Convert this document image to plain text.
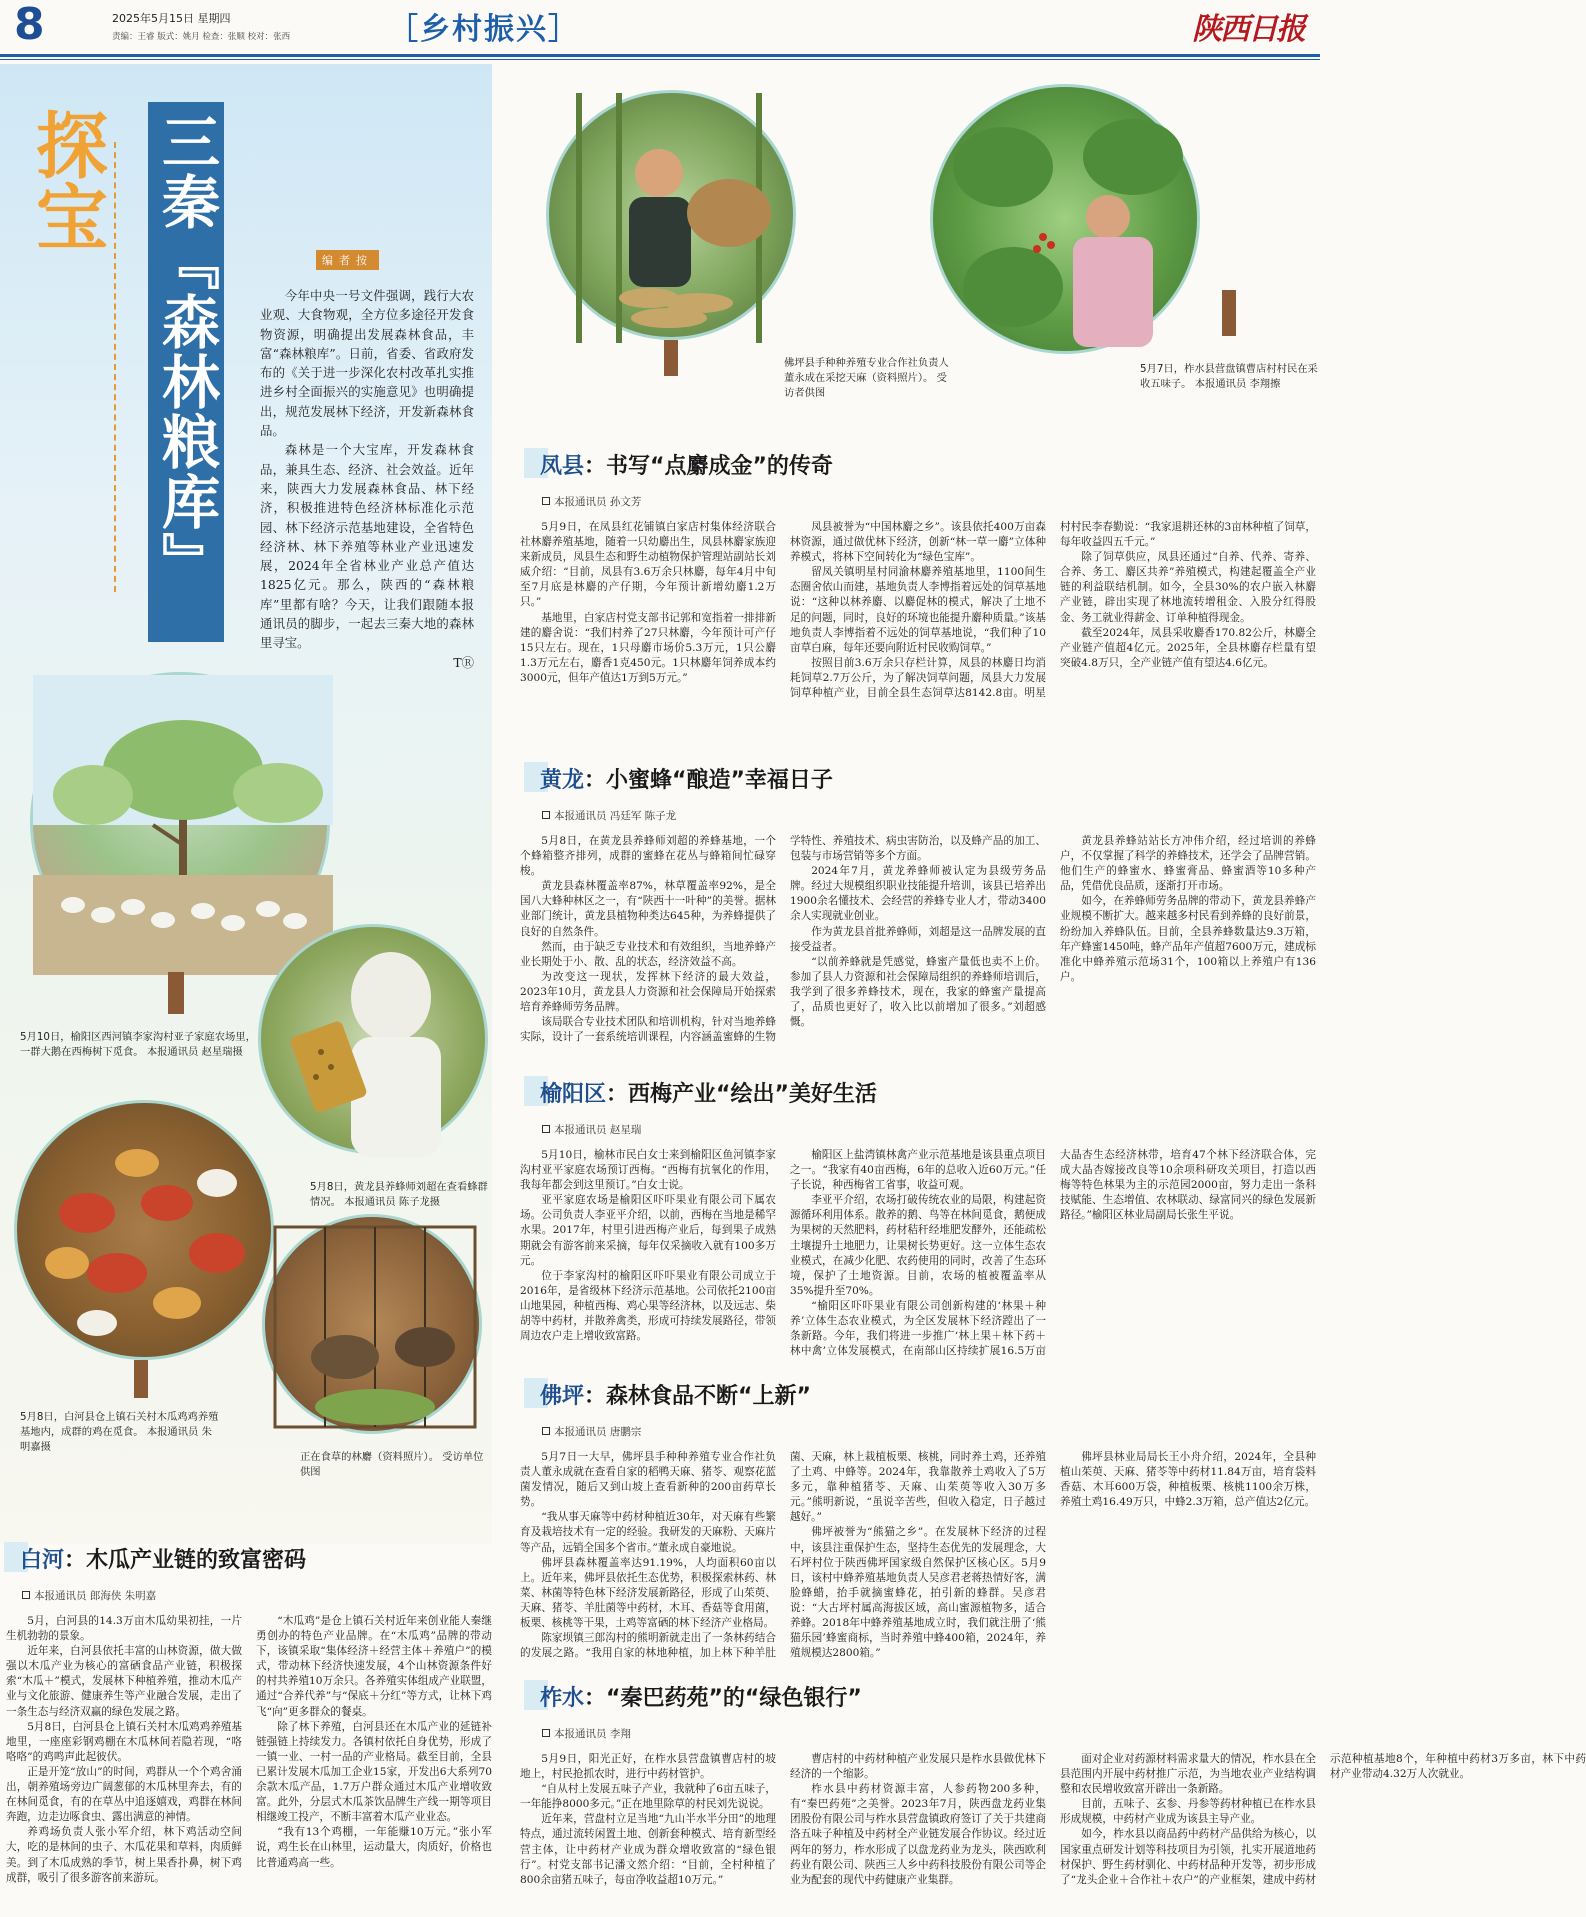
8	2025年5月15日 星期四
责编：王睿 版式：姚月 检查：张顺 校对：张西	［乡村振兴］	陕西日报
探宝 三秦『森林粮库』	编者按

今年中央一号文件强调，践行大农业观、大食物观，全方位多途径开发食物资源，明确提出发展森林食品，丰富“森林粮库”。日前，省委、省政府发布的《关于进一步深化农村改革扎实推进乡村全面振兴的实施意见》也明确提出，规范发展林下经济，开发新森林食品。

森林是一个大宝库，开发森林食品，兼具生态、经济、社会效益。近年来，陕西大力发展森林食品、林下经济，积极推进特色经济林标准化示范园、林下经济示范基地建设，全省特色经济林、林下养殖等林业产业迅速发展，2024年全省林业产业总产值达1825亿元。那么，陕西的“森林粮库”里都有啥？今天，让我们跟随本报通讯员的脚步，一起去三秦大地的森林里寻宝。

TⓇ

5月10日，榆阳区西河镇李家沟村亚子家庭农场里，一群大鹅在西梅树下觅食。 本报通讯员 赵星瑞摄
5月8日，黄龙县养蜂师刘超在查看蜂群情况。 本报通讯员 陈子龙摄
5月8日，白河县仓上镇石关村木瓜鸡鸡养殖基地内，成群的鸡在觅食。 本报通讯员 朱明嘉摄
正在食草的林麝（资料照片）。 受访单位供图
佛坪县手种种养殖专业合作社负责人董永成在采挖天麻（资料照片）。 受访者供图
5月7日，柞水县营盘镇曹店村村民在采收五味子。 本报通讯员 李翔擦
凤县：书写“点麝成金”的传奇
本报通讯员 孙文芳

5月9日，在凤县红花铺镇白家店村集体经济联合社林麝养殖基地，随着一只幼麝出生，凤县林麝家族迎来新成员，凤县生态和野生动植物保护管理站副站长刘威介绍：“目前，凤县有3.6万余只林麝，每年4月中旬至7月底是林麝的产仔期，今年预计新增幼麝1.2万只。”

基地里，白家店村党支部书记郭和宽指着一排排新建的麝舍说：“我们村养了27只林麝，今年预计可产仔15只左右。现在，1只母麝市场价5.3万元，1只公麝1.3万元左右，麝香1克450元。1只林麝年饲养成本约3000元，但年产值达1万到5万元。”

凤县被誉为“中国林麝之乡”。该县依托400万亩森林资源，通过做优林下经济，创新“林一草一麝”立体种养模式，将林下空间转化为“绿色宝库”。

留凤关镇明星村同渝林麝养殖基地里，1100间生态圈舍依山而建，基地负责人李博指着远处的饲草基地说：“这种以林养麝、以麝促林的模式，解决了土地不足的问题，同时，良好的环境也能提升麝种质量。”该基地负责人李博指着不远处的饲草基地说，“我们种了10亩草白麻，每年还要向附近村民收购饲草。”

按照目前3.6万余只存栏计算，凤县的林麝日均消耗饲草2.7万公斤，为了解决饲草问题，凤县大力发展饲草种植产业，目前全县生态饲草达8142.8亩。明星村村民李春勤说：“我家退耕还林的3亩林种植了饲草，每年收益四五千元。”

除了饲草供应，凤县还通过“自养、代养、寄养、合养、务工、麝区共养”养殖模式，构建起覆盖全产业链的利益联结机制。如今，全县30%的农户嵌入林麝产业链，辟出实现了林地流转增租金、入股分红得股金、务工就业得薪金、订单种植得现金。

截至2024年，凤县采收麝香170.82公斤，林麝全产业链产值超4亿元。2025年，全县林麝存栏量有望突破4.8万只，全产业链产值有望达4.6亿元。

黄龙：小蜜蜂“酿造”幸福日子
本报通讯员 冯廷军 陈子龙

5月8日，在黄龙县养蜂师刘超的养蜂基地，一个个蜂箱整齐排列，成群的蜜蜂在花丛与蜂箱间忙碌穿梭。

黄龙县森林覆盖率87%，林草覆盖率92%，是全国八大蜂种林区之一，有“陕西十一叶种”的美誉。据林业部门统计，黄龙县植物种类达645种，为养蜂提供了良好的自然条件。

然而，由于缺乏专业技术和有效组织，当地养蜂产业长期处于小、散、乱的状态，经济效益不高。

为改变这一现状，发挥林下经济的最大效益，2023年10月，黄龙县人力资源和社会保障局开始探索培育养蜂师劳务品牌。

该局联合专业技术团队和培训机构，针对当地养蜂实际，设计了一套系统培训课程，内容涵盖蜜蜂的生物学特性、养殖技术、病虫害防治，以及蜂产品的加工、包装与市场营销等多个方面。

2024年7月，黄龙养蜂师被认定为县级劳务品牌。经过大规模组织职业技能提升培训，该县已培养出1900余名懂技术、会经营的养蜂专业人才，带动3400余人实现就业创业。

作为黄龙县首批养蜂师，刘超是这一品牌发展的直接受益者。

“以前养蜂就是凭感觉，蜂蜜产量低也卖不上价。参加了县人力资源和社会保障局组织的养蜂师培训后，我学到了很多养蜂技术，现在，我家的蜂蜜产量提高了，品质也更好了，收入比以前增加了很多。”刘超感慨。

黄龙县养蜂站站长方冲伟介绍，经过培训的养蜂户，不仅掌握了科学的养蜂技术，还学会了品牌营销。他们生产的蜂蜜水、蜂蜜膏品、蜂蜜酒等10多种产品，凭借优良品质，逐渐打开市场。

如今，在养蜂师劳务品牌的带动下，黄龙县养蜂产业规模不断扩大。越来越多村民看到养蜂的良好前景，纷纷加入养蜂队伍。目前，全县养蜂数量达9.3万箱，年产蜂蜜1450吨，蜂产品年产值超7600万元，建成标准化中蜂养殖示范场31个，100箱以上养殖户有136户。

榆阳区：西梅产业“绘出”美好生活
本报通讯员 赵星瑞

5月10日，榆林市民白女士来到榆阳区鱼河镇李家沟村亚平家庭农场预订西梅。“西梅有抗氧化的作用，我每年都会到这里预订。”白女士说。

亚平家庭农场是榆阳区吓吓果业有限公司下属农场。公司负责人李亚平介绍，以前，西梅在当地是稀罕水果。2017年，村里引进西梅产业后，每到果子成熟期就会有游客前来采摘，每年仅采摘收入就有100多万元。

位于李家沟村的榆阳区吓吓果业有限公司成立于2016年，是省级林下经济示范基地。公司依托2100亩山地果园，种植西梅、鸡心果等经济林，以及远志、柴胡等中药材，并散养禽类，形成可持续发展路径，带领周边农户走上增收致富路。

榆阳区上盐湾镇林禽产业示范基地是该县重点项目之一。“我家有40亩西梅，6年的总收入近60万元。”任子长说，种西梅省工省事，收益可观。

李亚平介绍，农场打破传统农业的局限，构建起资源循环利用体系。散养的鹅、鸟等在林间觅食，鹅便成为果树的天然肥料，药材秸秆经堆肥发酵外，还能疏松土壤提升土地肥力，让果树长势更好。这一立体生态农业模式，在减少化肥、农药使用的同时，改善了生态环境，保护了土地资源。目前，农场的植被覆盖率从35%提升至70%。

“榆阳区吓吓果业有限公司创新构建的‘林果＋种养’立体生态农业模式，为全区发展林下经济蹚出了一条新路。今年，我们将进一步推广‘林上果＋林下药＋林中禽’立体发展模式，在南部山区持续扩展16.5万亩大晶杏生态经济林带，培育47个林下经济联合体，完成大晶杏嫁接改良等10余项科研攻关项目，打造以西梅等特色林果为主的示范园2000亩，努力走出一条科技赋能、生态增值、农林联动、绿富同兴的绿色发展新路径。”榆阳区林业局副局长张生平说。

佛坪：森林食品不断“上新”
本报通讯员 唐鹏宗

5月7日一大早，佛坪县手种种养殖专业合作社负责人董永成就在查看自家的稻鸭天麻、猪苓、观察花蓝菌发情况，随后又到山坡上查看新种的200亩药草长势。

“我从事天麻等中药材种植近30年，对天麻有些繁育及栽培技术有一定的经验。我研发的天麻粉、天麻片等产品，远销全国多个省市。”董永成自豪地说。

佛坪县森林覆盖率达91.19%，人均面积60亩以上。近年来，佛坪县依托生态优势，积极探索林药、林菜、林菌等特色林下经济发展新路径，形成了山茱萸、天麻、猪苓、羊肚菌等中药材，木耳、香菇等食用菌，板栗、核桃等干果，土鸡等富硒的林下经济产业格局。

陈家坝镇三郎沟村的熊明新就走出了一条林药结合的发展之路。“我用自家的林地种植，加上林下种羊肚菌、天麻，林上栽植板栗、核桃，同时养土鸡，还养殖了土鸡、中蜂等。2024年，我靠散养土鸡收入了5万多元，靠种植猪苓、天麻、山茱萸等收入30万多元。”熊明新说，“虽说辛苦些，但收入稳定，日子越过越好。”

佛坪被誉为“熊猫之乡”。在发展林下经济的过程中，该县注重保护生态，坚持生态优先的发展理念，大石坪村位于陕西佛坪国家级自然保护区核心区。5月9日，该村中蜂养殖基地负责人吴彦君老蒋热情好客，满脸蜂蜡，抬手就摘蜜蜂花，拍引新的蜂群。吴彦君说：“大古坪村属高海拔区域，高山蜜源植物多，适合养蜂。2018年中蜂养殖基地成立时，我们就注册了‘熊猫乐园’蜂蜜商标，当时养殖中蜂400箱，2024年，养殖规模达2800箱。”

佛坪县林业局局长王小舟介绍，2024年，全县种植山茱萸、天麻、猪苓等中药材11.84万亩，培育袋料香菇、木耳600万袋，种植板栗、核桃1100余万株，养殖土鸡16.49万只，中蜂2.3万箱，总产值达2亿元。

柞水：“秦巴药苑”的“绿色银行”
本报通讯员 李翔

5月9日，阳光正好，在柞水县营盘镇曹店村的坡地上，村民抢抓农时，进行中药材管护。

“自从村上发展五味子产业，我就种了6亩五味子，一年能挣8000多元。”正在地里除草的村民刘先说说。

近年来，营盘村立足当地“九山半水半分田”的地理特点，通过流转闲置土地、创新套种模式、培育新型经营主体，让中药材产业成为群众增收致富的“绿色银行”。村党支部书记潘文然介绍：“目前，全村种植了800余亩猪五味子，每亩净收益超10万元。”

曹店村的中药材种植产业发展只是柞水县做优林下经济的一个缩影。

柞水县中药材资源丰富，人参药物200多种，有“秦巴药苑”之美誉。2023年7月，陕西盘龙药业集团股份有限公司与柞水县营盘镇政府签订了关于共建商洛五味子种植及中药材全产业链发展合作协议。经过近两年的努力，柞水形成了以盘龙药业为龙头，陕西欧利药业有限公司、陕西三人乡中药科技股份有限公司等企业为配套的现代中药健康产业集群。

面对企业对药源材料需求量大的情况，柞水县在全县范围内开展中药材推广示范，为当地农业产业结构调整和农民增收致富开辟出一条新路。

目前，五味子、玄参、丹参等药材种植已在柞水县形成规模，中药材产业成为该县主导产业。

如今，柞水县以商品药中药材产品供给为核心，以国家重点研发计划等科技项目为引领，扎实开展道地药材保护、野生药材驯化、中药材品种开发等，初步形成了“龙头企业＋合作社＋农户”的产业框架，建成中药材示范种植基地8个，年种植中药材3万多亩，林下中药材产业带动4.32万人次就业。

白河：木瓜产业链的致富密码
本报通讯员 郎海侠 朱明嘉

5月，白河县的14.3万亩木瓜幼果初挂，一片生机勃勃的景象。

近年来，白河县依托丰富的山林资源，做大做强以木瓜产业为核心的富硒食品产业链，积极探索“木瓜＋”模式，发展林下种植养殖，推动木瓜产业与文化旅游、健康养生等产业融合发展，走出了一条生态与经济双赢的绿色发展之路。

5月8日，白河县仓上镇石关村木瓜鸡鸡养殖基地里，一座座彩钢鸡棚在木瓜林间若隐若现，“咯咯咯”的鸡鸣声此起彼伏。

正是开笼“放山”的时间，鸡群从一个个鸡舍涌出，朝养殖场旁边广阔葱郁的木瓜林里奔去，有的在林间觅食，有的在草丛中追逐嬉戏，鸡群在林间奔跑，边走边啄食虫、露出满意的神情。

养鸡场负责人张小军介绍，林下鸡活动空间大，吃的是林间的虫子、木瓜花果和草料，肉质鲜美。到了木瓜成熟的季节，树上果香扑鼻，树下鸡成群，吸引了很多游客前来游玩。

“木瓜鸡”是仓上镇石关村近年来创业能人秦继勇创办的特色产业品牌。在“木瓜鸡”品牌的带动下，该镇采取“集体经济＋经营主体＋养殖户”的模式，带动林下经济快速发展，4个山林资源条件好的村共养殖10万余只。各养殖实体组成产业联盟，通过“合养代养”与“保底＋分红”等方式，让林下鸡飞“向”更多群众的餐桌。

除了林下养殖，白河县还在木瓜产业的延链补链强链上持续发力。各镇村依托自身优势，形成了一镇一业、一村一品的产业格局。截至目前，全县已累计发展木瓜加工企业15家，开发出6大系列70余款木瓜产品，1.7万户群众通过木瓜产业增收致富。此外，分层式木瓜茶饮品牌生产线一期等项目相继竣工投产，不断丰富着木瓜产业业态。

“我有13个鸡棚，一年能赚10万元。”张小军说，鸡生长在山林里，运动量大，肉质好，价格也比普通鸡高一些。
